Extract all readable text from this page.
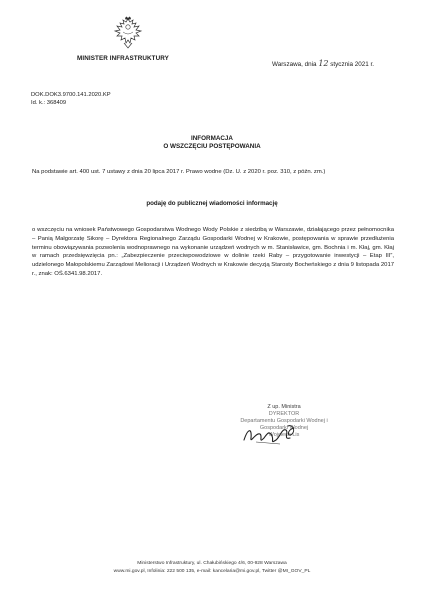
MINISTER INFRASTRUKTURY
Warszawa, dnia 12 stycznia 2021 r.
DOK.DOK3.9700.141.2020.KP
Id. k.: 368409
INFORMACJA
O WSZCZĘCIU POSTĘPOWANIA
Na podstawie art. 400 ust. 7 ustawy z dnia 20 lipca 2017 r. Prawo wodne (Dz. U. z 2020 r. poz. 310, z późn. zm.)
podaję do publicznej wiadomości informację

o wszczęciu na wniosek Państwowego Gospodarstwa Wodnego Wody Polskie z siedzibą w Warszawie, działającego przez pełnomocnika – Panią Małgorzatę Sikorę – Dyrektora Regionalnego Zarządu Gospodarki Wodnej w Krakowie, postępowania w sprawie przedłużenia terminu obowiązywania pozwolenia wodnoprawnego na wykonanie urządzeń wodnych w m. Stanisławice, gm. Bochnia i m. Kłaj, gm. Kłaj w ramach przedsięwzięcia pn.: „Zabezpieczenie przeciwpowodziowe w dolinie rzeki Raby – przygotowanie inwestycji – Etap III”, udzielonego Małopolskiemu Zarządowi Melioracji i Urządzeń Wodnych w Krakowie decyzją Starosty Bocheńskiego z dnia 9 listopada 2017 r., znak: OŚ.6341.98.2017.

Z up. Ministra
DYREKTOR
Departamentu Gospodarki Wodnej i
Gospodarki Wodnej
Wojciech Lis
Ministerstwo Infrastruktury, ul. Chałubińskiego 4/6, 00-928 Warszawa
www.mi.gov.pl, Infolinia: 222 500 135, e-mail: kancelaria@mi.gov.pl, Twitter @MI_GOV_PL
